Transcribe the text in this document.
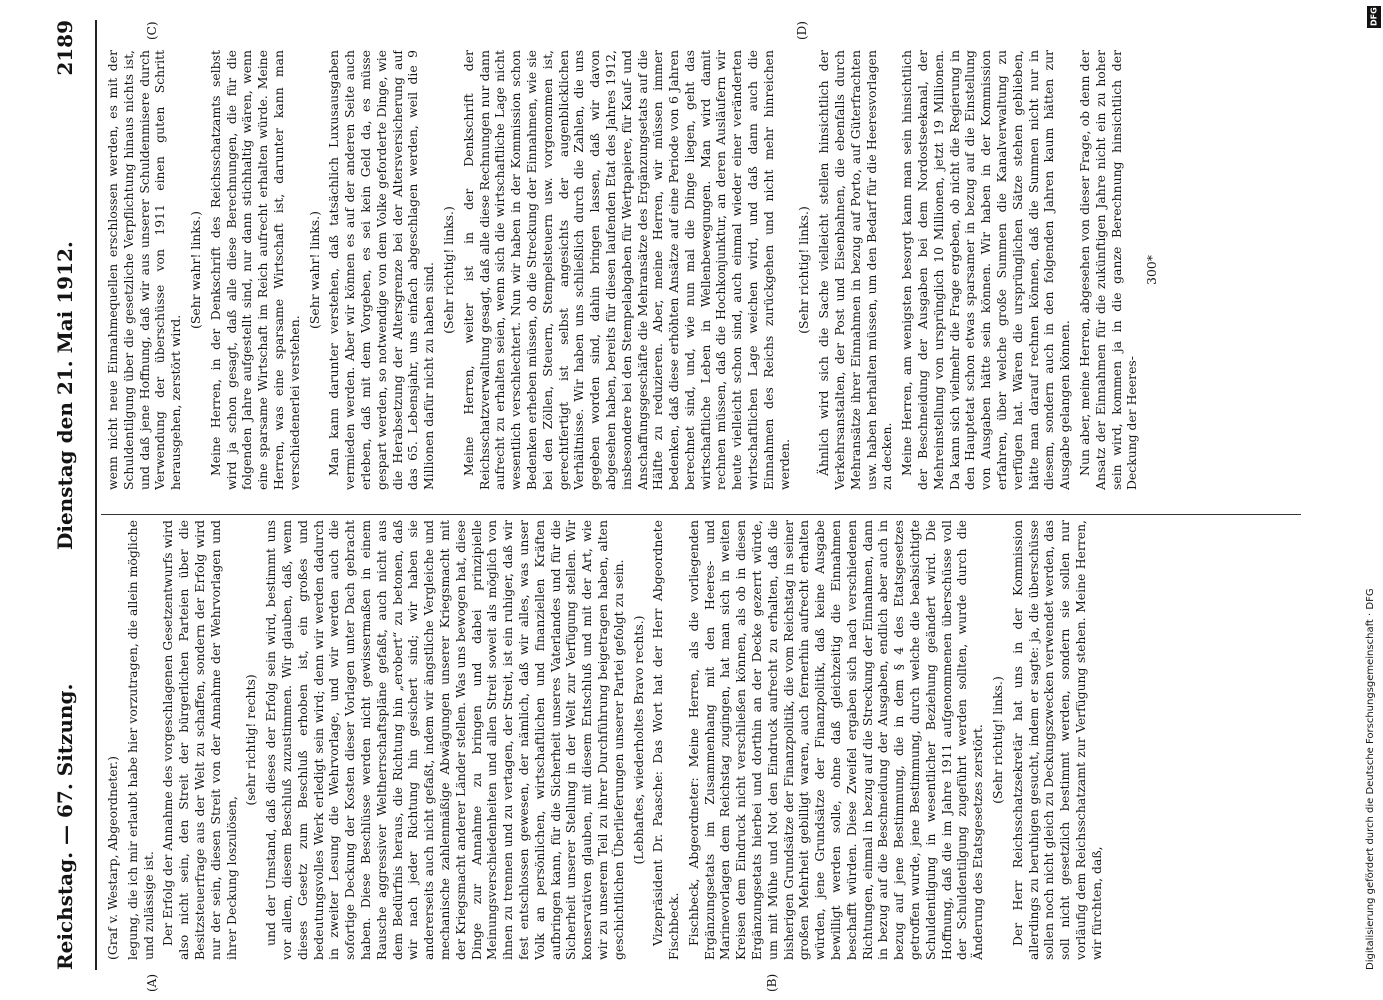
Reichstag. — 67. Sitzung.
Dienstag den 21. Mai 1912.
2189
(A)	(B)
(C)	(D)

(Graf v. Westarp, Abgeordneter.) legung, die ich mir erlaubt habe hier vorzutragen, die allein mögliche und zulässige ist. Der Erfolg der Annahme des vorgeschlagenen Gesetzentwurfs wird also nicht sein, den Streit der bürgerlichen Parteien über die Besitzsteuerfrage aus der Welt zu schaffen, sondern der Erfolg wird nur der sein, diesen Streit von der Annahme der Wehrvorlagen und ihrer Deckung loszulösen,

(sehr richtig! rechts) und der Umstand, daß dieses der Erfolg sein wird, bestimmt uns vor allem, diesem Beschluß zuzustimmen. Wir glauben, daß, wenn dieses Gesetz zum Beschluß erhoben ist, ein großes und bedeutungsvolles Werk erledigt sein wird; denn wir werden dadurch in zweiter Lesung die Wehrvorlage, und wir werden auch die sofortige Deckung der Kosten dieser Vorlagen unter Dach gebracht haben. Diese Beschlüsse werden nicht gewissermaßen in einem Rausche aggressiver Weltherrschaftspläne gefaßt, auch nicht aus dem Bedürfnis heraus, die Richtung hin „erobert“ zu betonen, daß wir nach jeder Richtung hin gesichert sind; wir haben sie andererseits auch nicht gefaßt, indem wir ängstliche Vergleiche und mechanische zahlenmäßige Abwägungen unserer Kriegsmacht mit der Kriegsmacht anderer Länder stellen. Was uns bewogen hat, diese Dinge zur Annahme zu bringen und dabei prinzipielle Meinungsverschiedenheiten und allen Streit soweit als möglich von ihnen zu trennen und zu vertagen, der Streit, ist ein ruhiger, daß wir fest entschlossen gewesen, der nämlich, daß wir alles, was unser Volk an persönlichen, wirtschaftlichen und finanziellen Kräften aufbringen kann, für die Sicherheit unseres Vaterlandes und für die Sicherheit unserer Stellung in der Welt zur Verfügung stellen. Wir konservativen glauben, mit diesem Entschluß und mit der Art, wie wir zu unserem Teil zu ihrer Durchführung beigetragen haben, alten geschichtlichen Überlieferungen unserer Partei gefolgt zu sein. (Lebhaftes, wiederholtes Bravo rechts.) Vizepräsident Dr. Paasche: Das Wort hat der Herr Abgeordnete Fischbeck. Fischbeck, Abgeordneter: Meine Herren, als die vorliegenden Ergänzungsetats im Zusammenhang mit den Heeres- und Marinevorlagen dem Reichstag zugingen, hat man sich in weiten Kreisen dem Eindruck nicht verschließen können, als ob in diesen Ergänzungsetats hierbei und dorthin an der Decke gezerrt würde, um mit Mühe und Not den Eindruck aufrecht zu erhalten, daß die bisherigen Grundsätze der Finanzpolitik, die vom Reichstag in seiner großen Mehrheit gebilligt waren, auch fernerhin aufrecht erhalten würden, jene Grundsätze der Finanzpolitik, daß keine Ausgabe bewilligt werden solle, ohne daß gleichzeitig die Einnahmen beschafft würden. Diese Zweifel ergaben sich nach verschiedenen Richtungen, einmal in bezug auf die Streckung der Einnahmen, dann in bezug auf die Beschneidung der Ausgaben, endlich aber auch in bezug auf jene Bestimmung, die in dem § 4 des Etatsgesetzes getroffen wurde, jene Bestimmung, durch welche die beabsichtigte Schuldentilgung in wesentlicher Beziehung geändert wird. Die Hoffnung, daß die im Jahre 1911 aufgenommenen überschüsse voll der Schuldentilgung zugeführt werden sollten, wurde durch die Änderung des Etatsgesetzes zerstört. (Sehr richtig! links.) Der Herr Reichsschatzsekretär hat uns in der Kommission allerdings zu beruhigen gesucht, indem er sagte: ja, die überschüsse sollen noch nicht gleich zu Deckungszwecken verwendet werden, das soll nicht gesetzlich bestimmt werden, sondern sie sollen nur vorläufig dem Reichsschatzamt zur Verfügung stehen. Meine Herren, wir fürchten, daß,

wenn nicht neue Einnahmequellen erschlossen werden, es mit der Schuldentilgung über die gesetzliche Verpflichtung hinaus nichts ist, und daß jene Hoffnung, daß wir aus unserer Schuldenmisere durch Verwendung der überschüsse von 1911 einen guten Schritt herausgehen, zerstört wird.

(Sehr wahr! links.) Meine Herren, in der Denkschrift des Reichsschatzamts selbst wird ja schon gesagt, daß alle diese Berechnungen, die für die folgenden Jahre aufgestellt sind, nur dann stichhaltig wären, wenn eine sparsame Wirtschaft im Reich aufrecht erhalten würde. Meine Herren, was eine sparsame Wirtschaft ist, darunter kann man verschiedenerlei verstehen.

(Sehr wahr! links.) Man kann darunter verstehen, daß tatsächlich Luxusausgaben vermieden werden. Aber wir können es auf der anderen Seite auch erleben, daß mit dem Vorgeben, es sei kein Geld da, es müsse gespart werden, so notwendige von dem Volke geforderte Dinge, wie die Herabsetzung der Altersgrenze bei der Altersversicherung auf das 65. Lebensjahr, uns einfach abgeschlagen werden, weil die 9 Millionen dafür nicht zu haben sind. (Sehr richtig! links.) Meine Herren, weiter ist in der Denkschrift der Reichsschatzverwaltung gesagt, daß alle diese Rechnungen nur dann aufrecht zu erhalten seien, wenn sich die wirtschaftliche Lage nicht wesentlich verschlechtert. Nun wir haben in der Kommission schon Bedenken erheben müssen, ob die Streckung der Einnahmen, wie sie bei den Zöllen, Steuern, Stempelsteuern usw. vorgenommen ist, gerechtfertigt ist selbst angesichts der augenblicklichen Verhältnisse. Wir haben uns schließlich durch die Zahlen, die uns gegeben worden sind, dahin bringen lassen, daß wir davon abgesehen haben, bereits für diesen laufenden Etat des Jahres 1912, insbesondere bei den Stempelabgaben für Wertpapiere, für Kauf- und Anschaffungsgeschäfte die Mehransätze des Ergänzungsetats auf die Hälfte zu reduzieren. Aber, meine Herren, wir müssen immer bedenken, daß diese erhöhten Ansätze auf eine Periode von 6 Jahren berechnet sind, und, wie nun mal die Dinge liegen, geht das wirtschaftliche Leben in Wellenbewegungen. Man wird damit rechnen müssen, daß die Hochkonjunktur, an deren Ausläufern wir heute vielleicht schon sind, auch einmal wieder einer veränderten wirtschaftlichen Lage weichen wird, und daß dann auch die Einnahmen des Reichs zurückgehen und nicht mehr hinreichen werden.

(Sehr richtig! links.) Ähnlich wird sich die Sache vielleicht stellen hinsichtlich der Verkehrsanstalten, der Post und Eisenbahnen, die ebenfalls durch Mehransätze ihrer Einnahmen in bezug auf Porto, auf Güterfrachten usw. haben herhalten müssen, um den Bedarf für die Heeresvorlagen zu decken. Meine Herren, am wenigsten besorgt kann man sein hinsichtlich der Beschneidung der Ausgaben bei dem Nordostseekanal, der Mehreinstellung von ursprünglich 10 Millionen, jetzt 19 Millionen. Da kann sich vielmehr die Frage ergeben, ob nicht die Regierung in den Hauptetat schon etwas sparsamer in bezug auf die Einstellung von Ausgaben hätte sein können. Wir haben in der Kommission erfahren, über welche große Summen die Kanalverwaltung zu verfügen hat. Wären die ursprünglichen Sätze stehen geblieben, hätte man darauf rechnen können, daß die Summen nicht nur in diesem, sondern auch in den folgenden Jahren kaum hätten zur Ausgabe gelangen können. Nun aber, meine Herren, abgesehen von dieser Frage, ob denn der Ansatz der Einnahmen für die zukünftigen Jahre nicht ein zu hoher sein wird, kommen ja in die ganze Berechnung hinsichtlich der Deckung der Heeres-

300*

DFG
Digitalisierung gefördert durch die Deutsche Forschungsgemeinschaft · DFG
